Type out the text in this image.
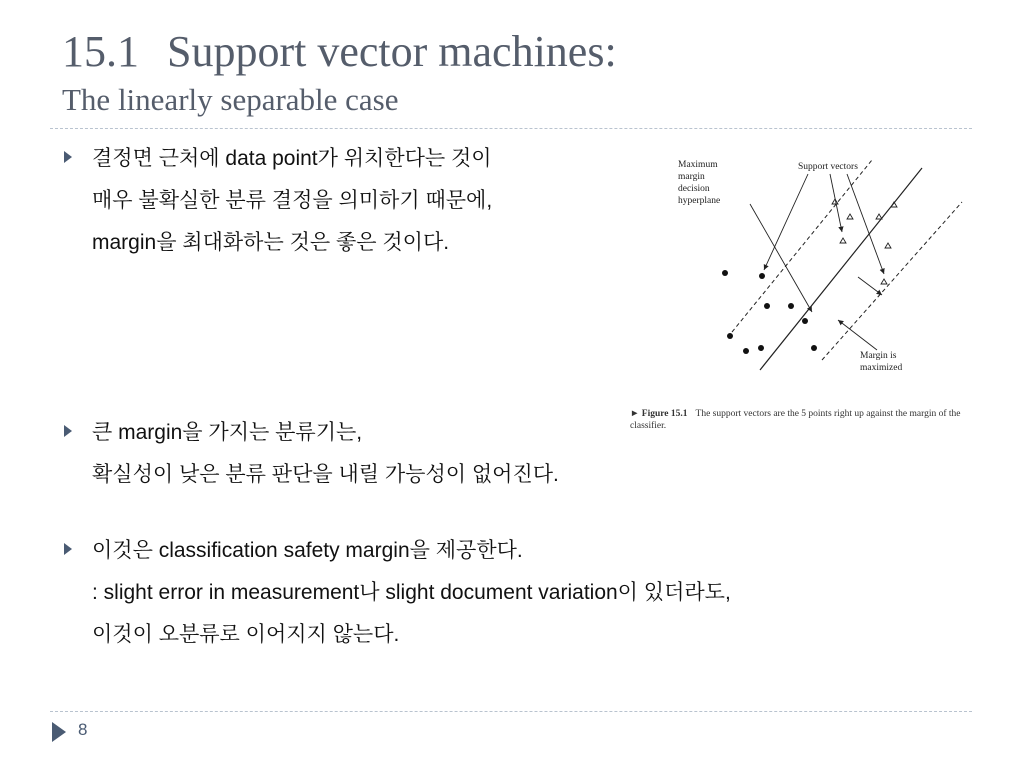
15.1 Support vector machines:
The linearly separable case
결정면 근처에 data point가 위치한다는 것이
매우 불확실한 분류 결정을 의미하기 때문에,
margin을 최대화하는 것은 좋은 것이다.
큰 margin을 가지는 분류기는,
확실성이 낮은 분류 판단을 내릴 가능성이 없어진다.
이것은 classification safety margin을 제공한다.
: slight error in measurement나 slight document variation이 있더라도,
이것이 오분류로 이어지지 않는다.
Maximum
margin
decision
hyperplane
Support vectors
Margin is
maximized
► Figure 15.1 The support vectors are the 5 points right up against the margin of the classifier.
8
